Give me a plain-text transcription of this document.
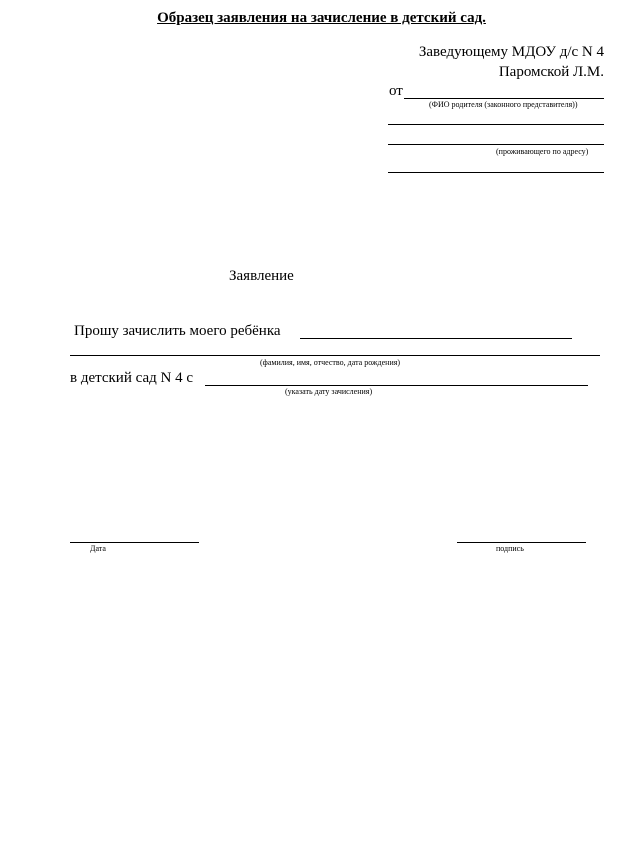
Образец заявления на зачисление в детский сад.
Заведующему МДОУ д/с N 4
Паромской Л.М.
от
(ФИО родителя (законного представителя))
(проживающего по адресу)
Заявление
Прошу зачислить моего ребёнка
(фамилия, имя, отчество, дата рождения)
в детский сад N 4 с
(указать дату зачисления)
Дата	подпись
